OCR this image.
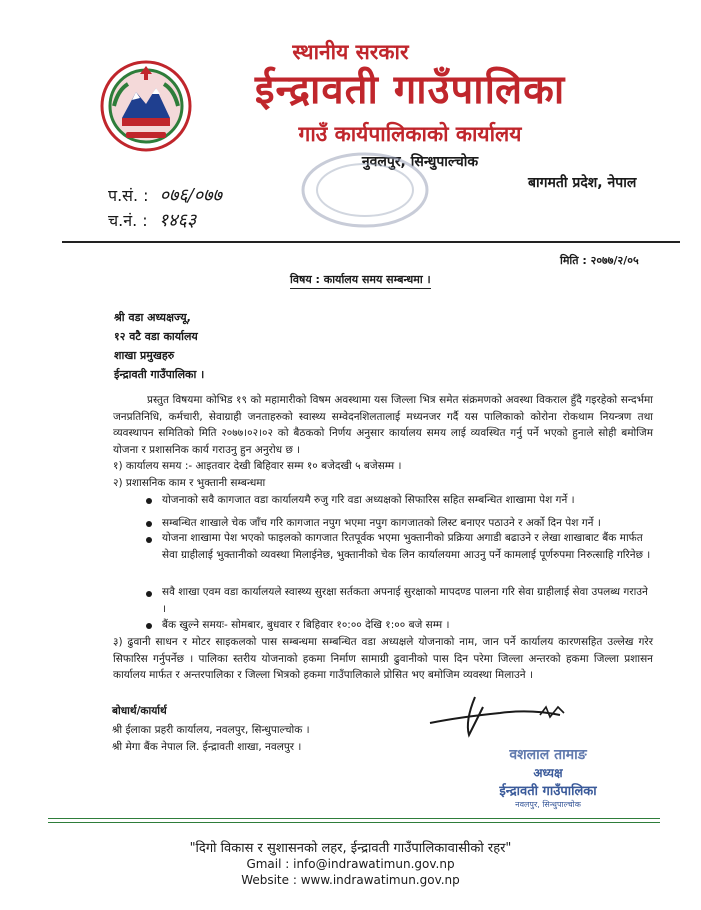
स्थानीय सरकार
ईन्द्रावती गाउँपालिका
गाउँ कार्यपालिकाको कार्यालय
नुवलपुर, सिन्धुपाल्चोक
बागमती प्रदेश, नेपाल
प.सं. : ०७६/०७७
च.नं. : १४६३
मिति : २०७७/२/०५
विषय : कार्यालय समय सम्बन्धमा ।
श्री वडा अध्यक्षज्यू,
१२ वटै वडा कार्यालय
शाखा प्रमुखहरु
ईन्द्रावती गाउँपालिका ।
प्रस्तुत विषयमा कोभिड १९ को महामारीको विषम अवस्थामा यस जिल्ला भित्र समेत संक्रमणको अवस्था विकराल हुँदै गइरहेको सन्दर्भमा जनप्रतिनिधि, कर्मचारी, सेवाग्राही जनताहरुको स्वास्थ्य सम्वेदनशिलतालाई मध्यनजर गर्दै यस पालिकाको कोरोना रोकथाम नियन्त्रण तथा व्यवस्थापन समितिको मिति २०७७।०२।०२ को बैठकको निर्णय अनुसार कार्यालय समय लाई व्यवस्थित गर्नु पर्ने भएको हुनाले सोही बमोजिम योजना र प्रशासनिक कार्य गराउनु हुन अनुरोध छ ।
१) कार्यालय समय :- आइतवार देखी बिहिवार सम्म १० बजेदखी ५ बजेसम्म ।
२) प्रशासनिक काम र भुक्तानी सम्बन्धमा
योजनाको सवै कागजात वडा कार्यालयमै रुजु गरि वडा अध्यक्षको सिफारिस सहित सम्बन्धित शाखामा पेश गर्ने ।
सम्बन्धित शाखाले चेक जाँच गरि कागजात नपुग भएमा नपुग कागजातको लिस्ट बनाएर पठाउने र अर्को दिन पेश गर्ने ।
योजना शाखामा पेश भएको फाइलको कागजात रितपूर्वक भएमा भुक्तानीको प्रक्रिया अगाडी बढाउने र लेखा शाखाबाट बैंक मार्फत सेवा ग्राहीलाई भुक्तानीको व्यवस्था मिलाईनेछ, भुक्तानीको चेक लिन कार्यालयमा आउनु पर्ने कामलाई पूर्णरुपमा निरुत्साहि गरिनेछ ।
सवै शाखा एवम वडा कार्यालयले स्वास्थ्य सुरक्षा सर्तकता अपनाई सुरक्षाको मापदण्ड पालना गरि सेवा ग्राहीलाई सेवा उपलब्ध गराउने ।
बैंक खुल्ने समयः- सोमबार, बुधवार र बिहिवार १०:०० देखि १:०० बजे सम्म ।
३) ढुवानी साधन र मोटर साइकलको पास सम्बन्धमा सम्बन्धित वडा अध्यक्षले योजनाको नाम, जान पर्ने कार्यालय कारणसहित उल्लेख गरेर सिफारिस गर्नुपर्नेछ । पालिका स्तरीय योजनाको हकमा निर्माण सामाग्री ढुवानीको पास दिन परेमा जिल्ला अन्तरको हकमा जिल्ला प्रशासन कार्यालय मार्फत र अन्तरपालिका र जिल्ला भित्रको हकमा गाउँपालिकाले प्रोसित भए बमोजिम व्यवस्था मिलाउने ।
बोधार्थ/कार्यार्थ
श्री ईलाका प्रहरी कार्यालय, नवलपुर, सिन्धुपाल्चोक ।
श्री मेगा बैंक नेपाल लि. ईन्द्रावती शाखा, नवलपुर ।	वशलाल तामाङ
अध्यक्ष
ईन्द्रावती गाउँपालिका
नवलपुर, सिन्धुपाल्चोक
"दिगो विकास र सुशासनको लहर, ईन्द्रावती गाउँपालिकावासीको रहर"
Gmail : info@indrawatimun.gov.np
Website : www.indrawatimun.gov.np
